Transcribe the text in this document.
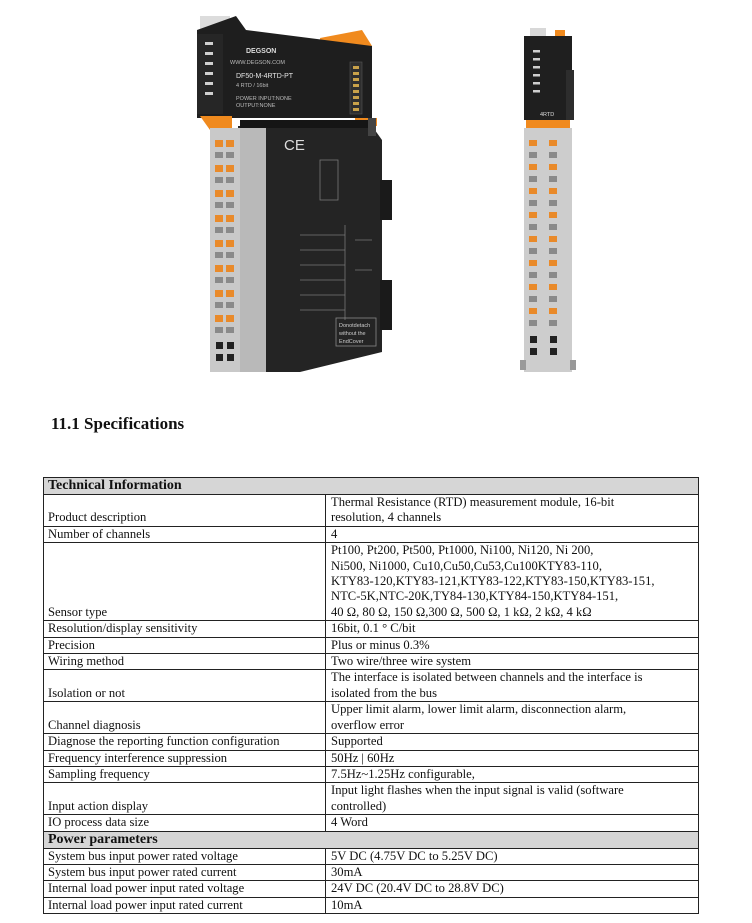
DEGSON
WWW.DEGSON.COM
DF50-M-4RTD-PT
4 RTD / 16bit
POWER INPUT:NONE
OUTPUT:NONE
CE
Donotdetach
without the
EndCover
4RTD
11.1 Specifications
Technical Information	
Product description	Thermal Resistance (RTD) measurement module, 16-bit
resolution, 4 channels

Number of channels	4

Sensor type	Pt100, Pt200, Pt500, Pt1000, Ni100, Ni120, Ni 200,
Ni500, Ni1000, Cu10,Cu50,Cu53,Cu100KTY83-110,
KTY83-120,KTY83-121,KTY83-122,KTY83-150,KTY83-151,
NTC-5K,NTC-20K,TY84-130,KTY84-150,KTY84-151,
40 Ω, 80 Ω, 150 Ω,300 Ω, 500 Ω, 1 kΩ, 2 kΩ, 4 kΩ

Resolution/display sensitivity	16bit, 0.1 ° C/bit

Precision	Plus or minus 0.3%

Wiring method	Two wire/three wire system

Isolation or not	The interface is isolated between channels and the interface is
isolated from the bus

Channel diagnosis	Upper limit alarm, lower limit alarm, disconnection alarm,
overflow error

Diagnose the reporting function configuration	Supported

Frequency interference suppression	50Hz | 60Hz

Sampling frequency	7.5Hz~1.25Hz configurable,

Input action display	Input light flashes when the input signal is valid (software
controlled)

IO process data size	4 Word

Power parameters	
System bus input power rated voltage	5V DC (4.75V DC to 5.25V DC)

System bus input power rated current	30mA

Internal load power input rated voltage	24V DC (20.4V DC to 28.8V DC)

Internal load power input rated current	10mA
